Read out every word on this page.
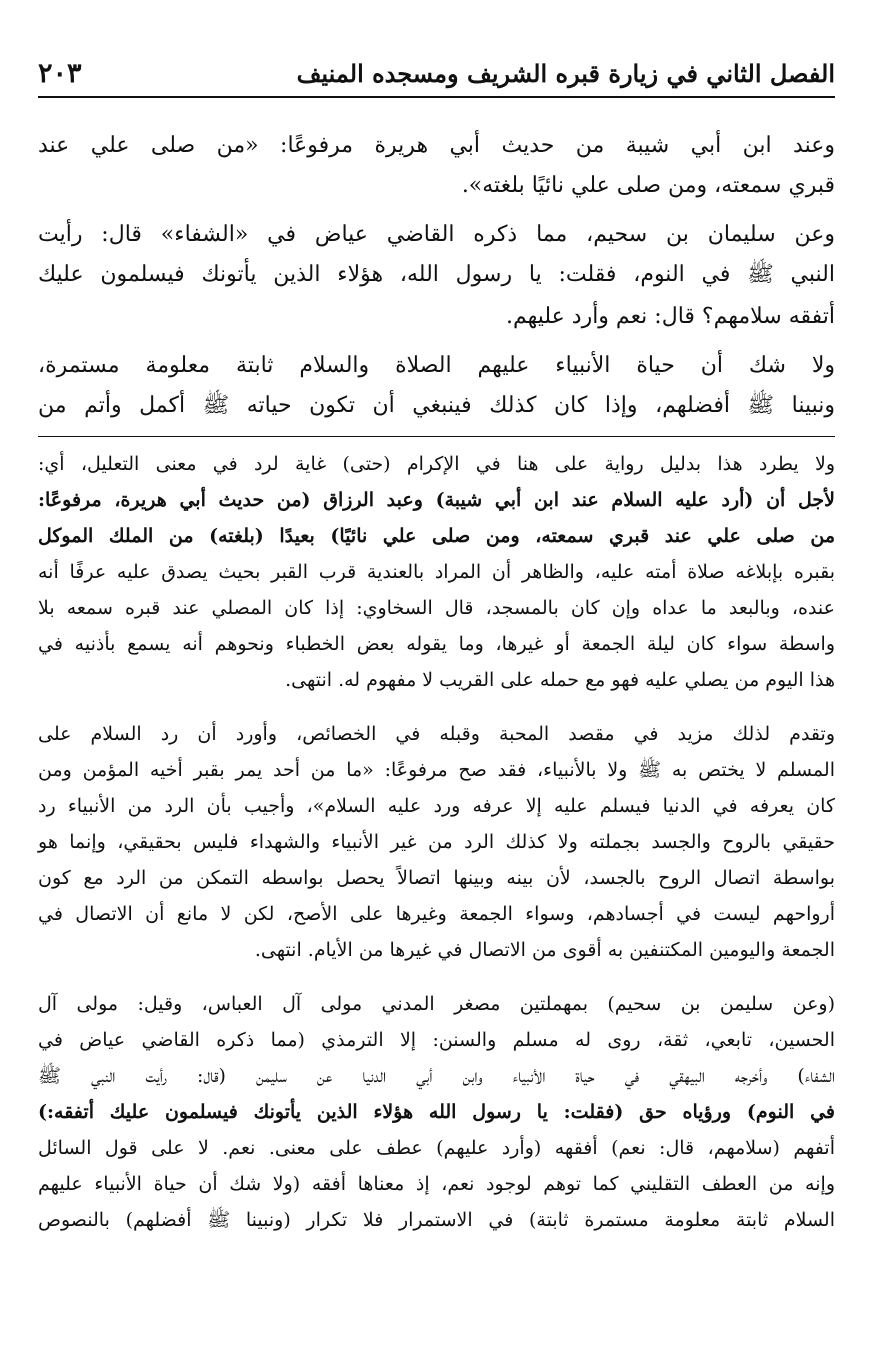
الفصل الثاني في زيارة قبره الشريف ومسجده المنيف
٢٠٣
وعند ابن أبي شيبة من حديث أبي هريرة مرفوعًا: «من صلى علي عند
قبري سمعته، ومن صلى علي نائيًا بلغته».
وعن سليمان بن سحيم، مما ذكره القاضي عياض في «الشفاء» قال: رأيت
النبي ﷺ في النوم، فقلت: يا رسول الله، هؤلاء الذين يأتونك فيسلمون عليك
أتفقه سلامهم؟ قال: نعم وأرد عليهم.
ولا شك أن حياة الأنبياء عليهم الصلاة والسلام ثابتة معلومة مستمرة،
ونبينا ﷺ أفضلهم، وإذا كان كذلك فينبغي أن تكون حياته ﷺ أكمل وأتم من
ولا يطرد هذا بدليل رواية على هنا في الإكرام (حتى) غاية لرد في معنى التعليل، أي:
لأجل أن (أرد عليه السلام عند ابن أبي شيبة) وعبد الرزاق (من حديث أبي هريرة، مرفوعًا:
من صلى علي عند قبري سمعته، ومن صلى علي نائيًا) بعيدًا (بلغته) من الملك الموكل
بقبره بإبلاغه صلاة أمته عليه، والظاهر أن المراد بالعندية قرب القبر بحيث يصدق عليه عرفًا أنه
عنده، وبالبعد ما عداه وإن كان بالمسجد، قال السخاوي: إذا كان المصلي عند قبره سمعه بلا
واسطة سواء كان ليلة الجمعة أو غيرها، وما يقوله بعض الخطباء ونحوهم أنه يسمع بأذنيه في
هذا اليوم من يصلي عليه فهو مع حمله على القريب لا مفهوم له. انتهى.
وتقدم لذلك مزيد في مقصد المحبة وقبله في الخصائص، وأورد أن رد السلام على
المسلم لا يختص به ﷺ ولا بالأنبياء، فقد صح مرفوعًا: «ما من أحد يمر بقبر أخيه المؤمن ومن
كان يعرفه في الدنيا فيسلم عليه إلا عرفه ورد عليه السلام»، وأجيب بأن الرد من الأنبياء رد
حقيقي بالروح والجسد بجملته ولا كذلك الرد من غير الأنبياء والشهداء فليس بحقيقي، وإنما هو
بواسطة اتصال الروح بالجسد، لأن بينه وبينها اتصالاً يحصل بواسطه التمكن من الرد مع كون
أرواحهم ليست في أجسادهم، وسواء الجمعة وغيرها على الأصح، لكن لا مانع أن الاتصال في
الجمعة واليومين المكتنفين به أقوى من الاتصال في غيرها من الأيام. انتهى.
(وعن سليمن بن سحيم) بمهملتين مصغر المدني مولى آل العباس، وقيل: مولى آل
الحسين، تابعي، ثقة، روى له مسلم والسنن: إلا الترمذي (مما ذكره القاضي عياض في
الشفاء) وأخرجه البيهقي في حياة الأنبياء وابن أبي الدنيا عن سليمن (قال: رأيت النبي ﷺ
في النوم) ورؤياه حق (فقلت: يا رسول الله هؤلاء الذين يأتونك فيسلمون عليك أتفقه:)
أتفهم (سلامهم، قال: نعم) أفقهه (وأرد عليهم) عطف على معنى. نعم. لا على قول السائل
وإنه من العطف التقليني كما توهم لوجود نعم، إذ معناها أفقه (ولا شك أن حياة الأنبياء عليهم
السلام ثابتة معلومة مستمرة ثابتة) في الاستمرار فلا تكرار (ونبينا ﷺ أفضلهم) بالنصوص
